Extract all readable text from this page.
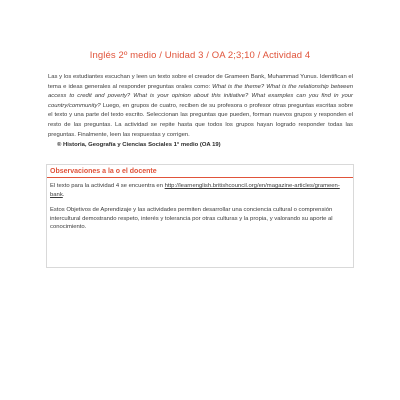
Inglés 2º medio / Unidad 3 / OA 2;3;10 / Actividad 4
Las y los estudiantes escuchan y leen un texto sobre el creador de Grameen Bank, Muhammad Yunus. Identifican el tema e ideas generales al responder preguntas orales como: What is the theme? What is the relationship between access to credit and poverty? What is your opinion about this initiative? What examples can you find in your country/community? Luego, en grupos de cuatro, reciben de su profesora o profesor otras preguntas escritas sobre el texto y una parte del texto escrito. Seleccionan las preguntas que pueden, forman nuevos grupos y responden el resto de las preguntas. La actividad se repite hasta que todos los grupos hayan logrado responder todas las preguntas. Finalmente, leen las respuestas y corrigen.
® Historia, Geografía y Ciencias Sociales 1° medio (OA 19)
Observaciones a la o el docente
El texto para la actividad 4 se encuentra en http://learnenglish.britishcouncil.org/en/magazine-articles/grameen-bank.
Estos Objetivos de Aprendizaje y las actividades permiten desarrollar una conciencia cultural o comprensión intercultural demostrando respeto, interés y tolerancia por otras culturas y la propia, y valorando su aporte al conocimiento.
